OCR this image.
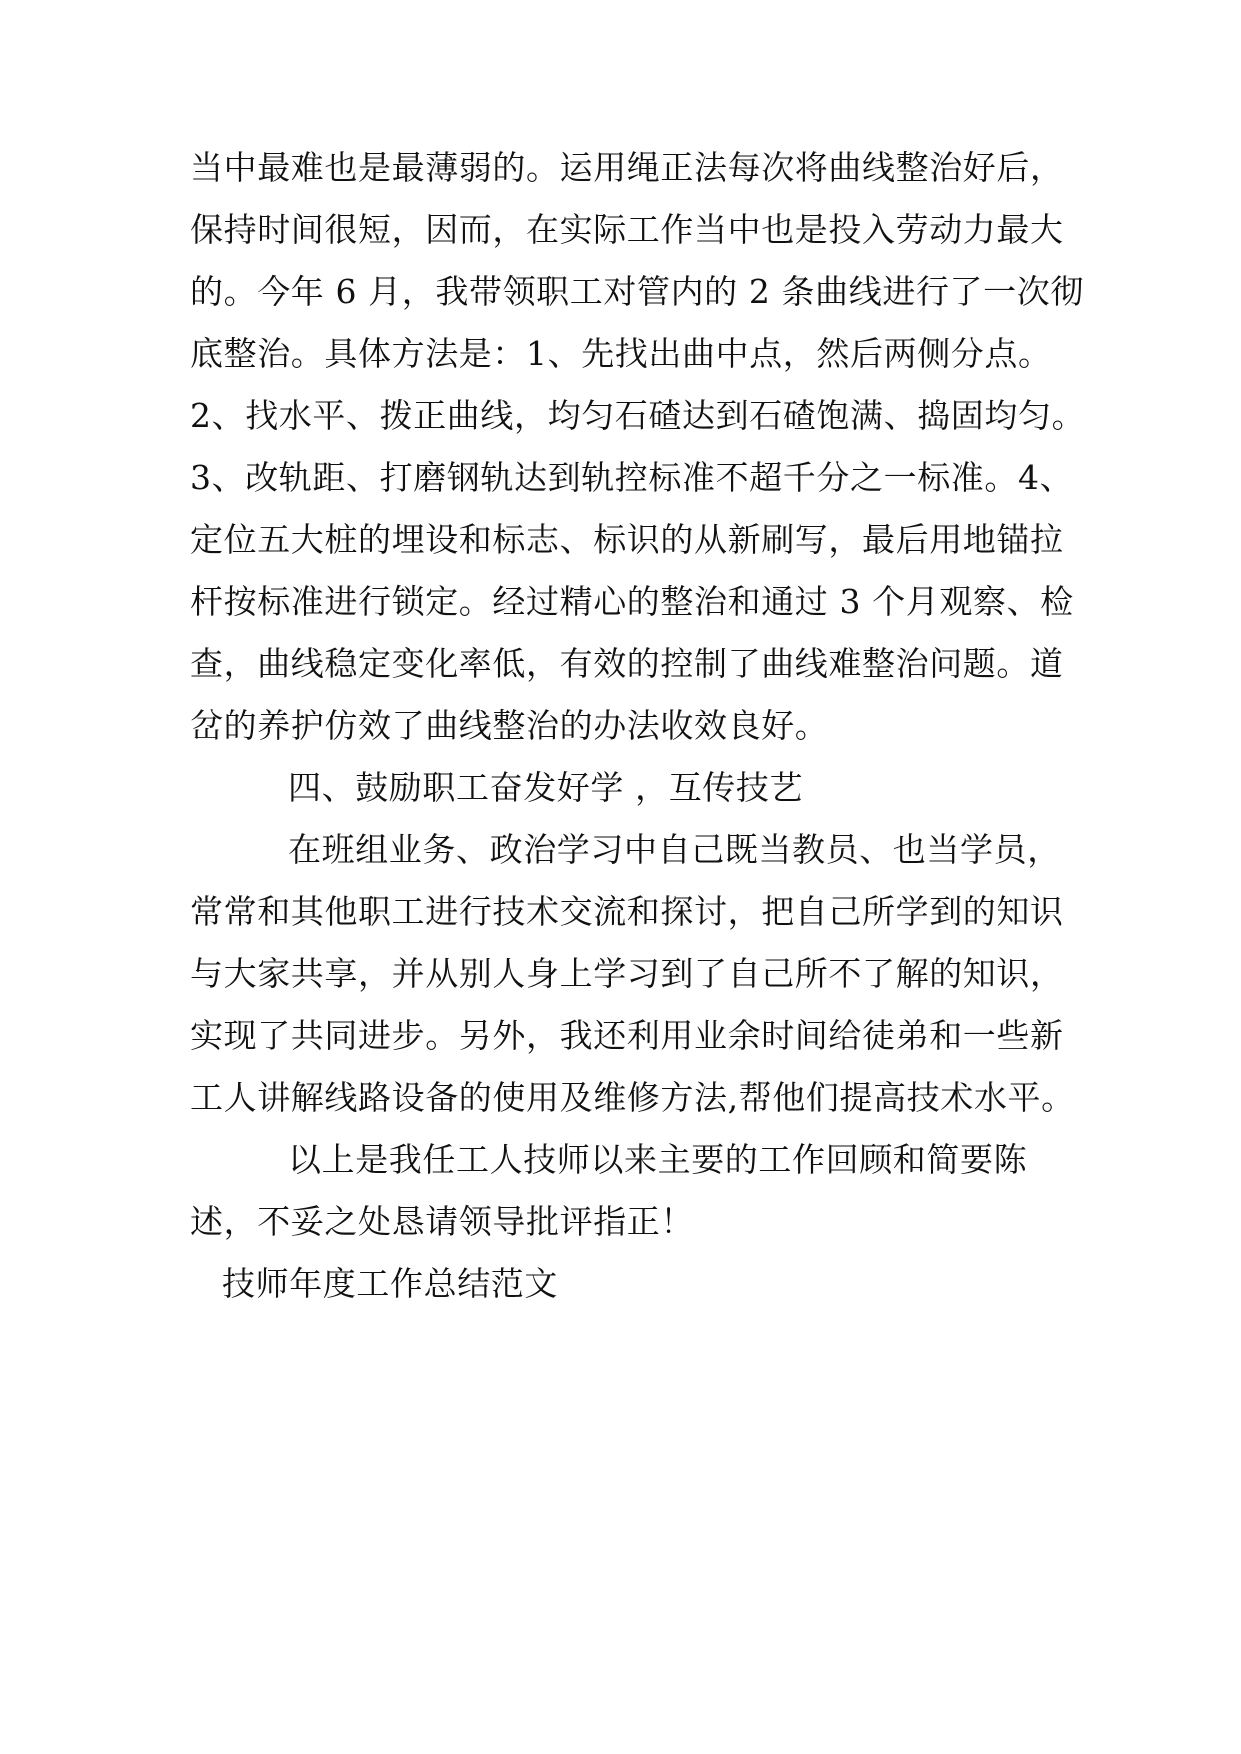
当中最难也是最薄弱的。运用绳正法每次将曲线整治好后，
保持时间很短，因而，在实际工作当中也是投入劳动力最大
的。今年 6 月，我带领职工对管内的 2 条曲线进行了一次彻
底整治。具体方法是：1、先找出曲中点，然后两侧分点。
2、找水平、拨正曲线，均匀石碴达到石碴饱满、捣固均匀。
3、改轨距、打磨钢轨达到轨控标准不超千分之一标准。4、
定位五大桩的埋设和标志、标识的从新刷写，最后用地锚拉
杆按标准进行锁定。经过精心的整治和通过 3 个月观察、检
查，曲线稳定变化率低，有效的控制了曲线难整治问题。道
岔的养护仿效了曲线整治的办法收效良好。
四、鼓励职工奋发好学 ，互传技艺
在班组业务、政治学习中自己既当教员、也当学员，
常常和其他职工进行技术交流和探讨，把自己所学到的知识
与大家共享，并从别人身上学习到了自己所不了解的知识，
实现了共同进步。另外，我还利用业余时间给徒弟和一些新
工人讲解线路设备的使用及维修方法,帮他们提高技术水平。
以上是我任工人技师以来主要的工作回顾和简要陈
述，不妥之处恳请领导批评指正！
技师年度工作总结范文
